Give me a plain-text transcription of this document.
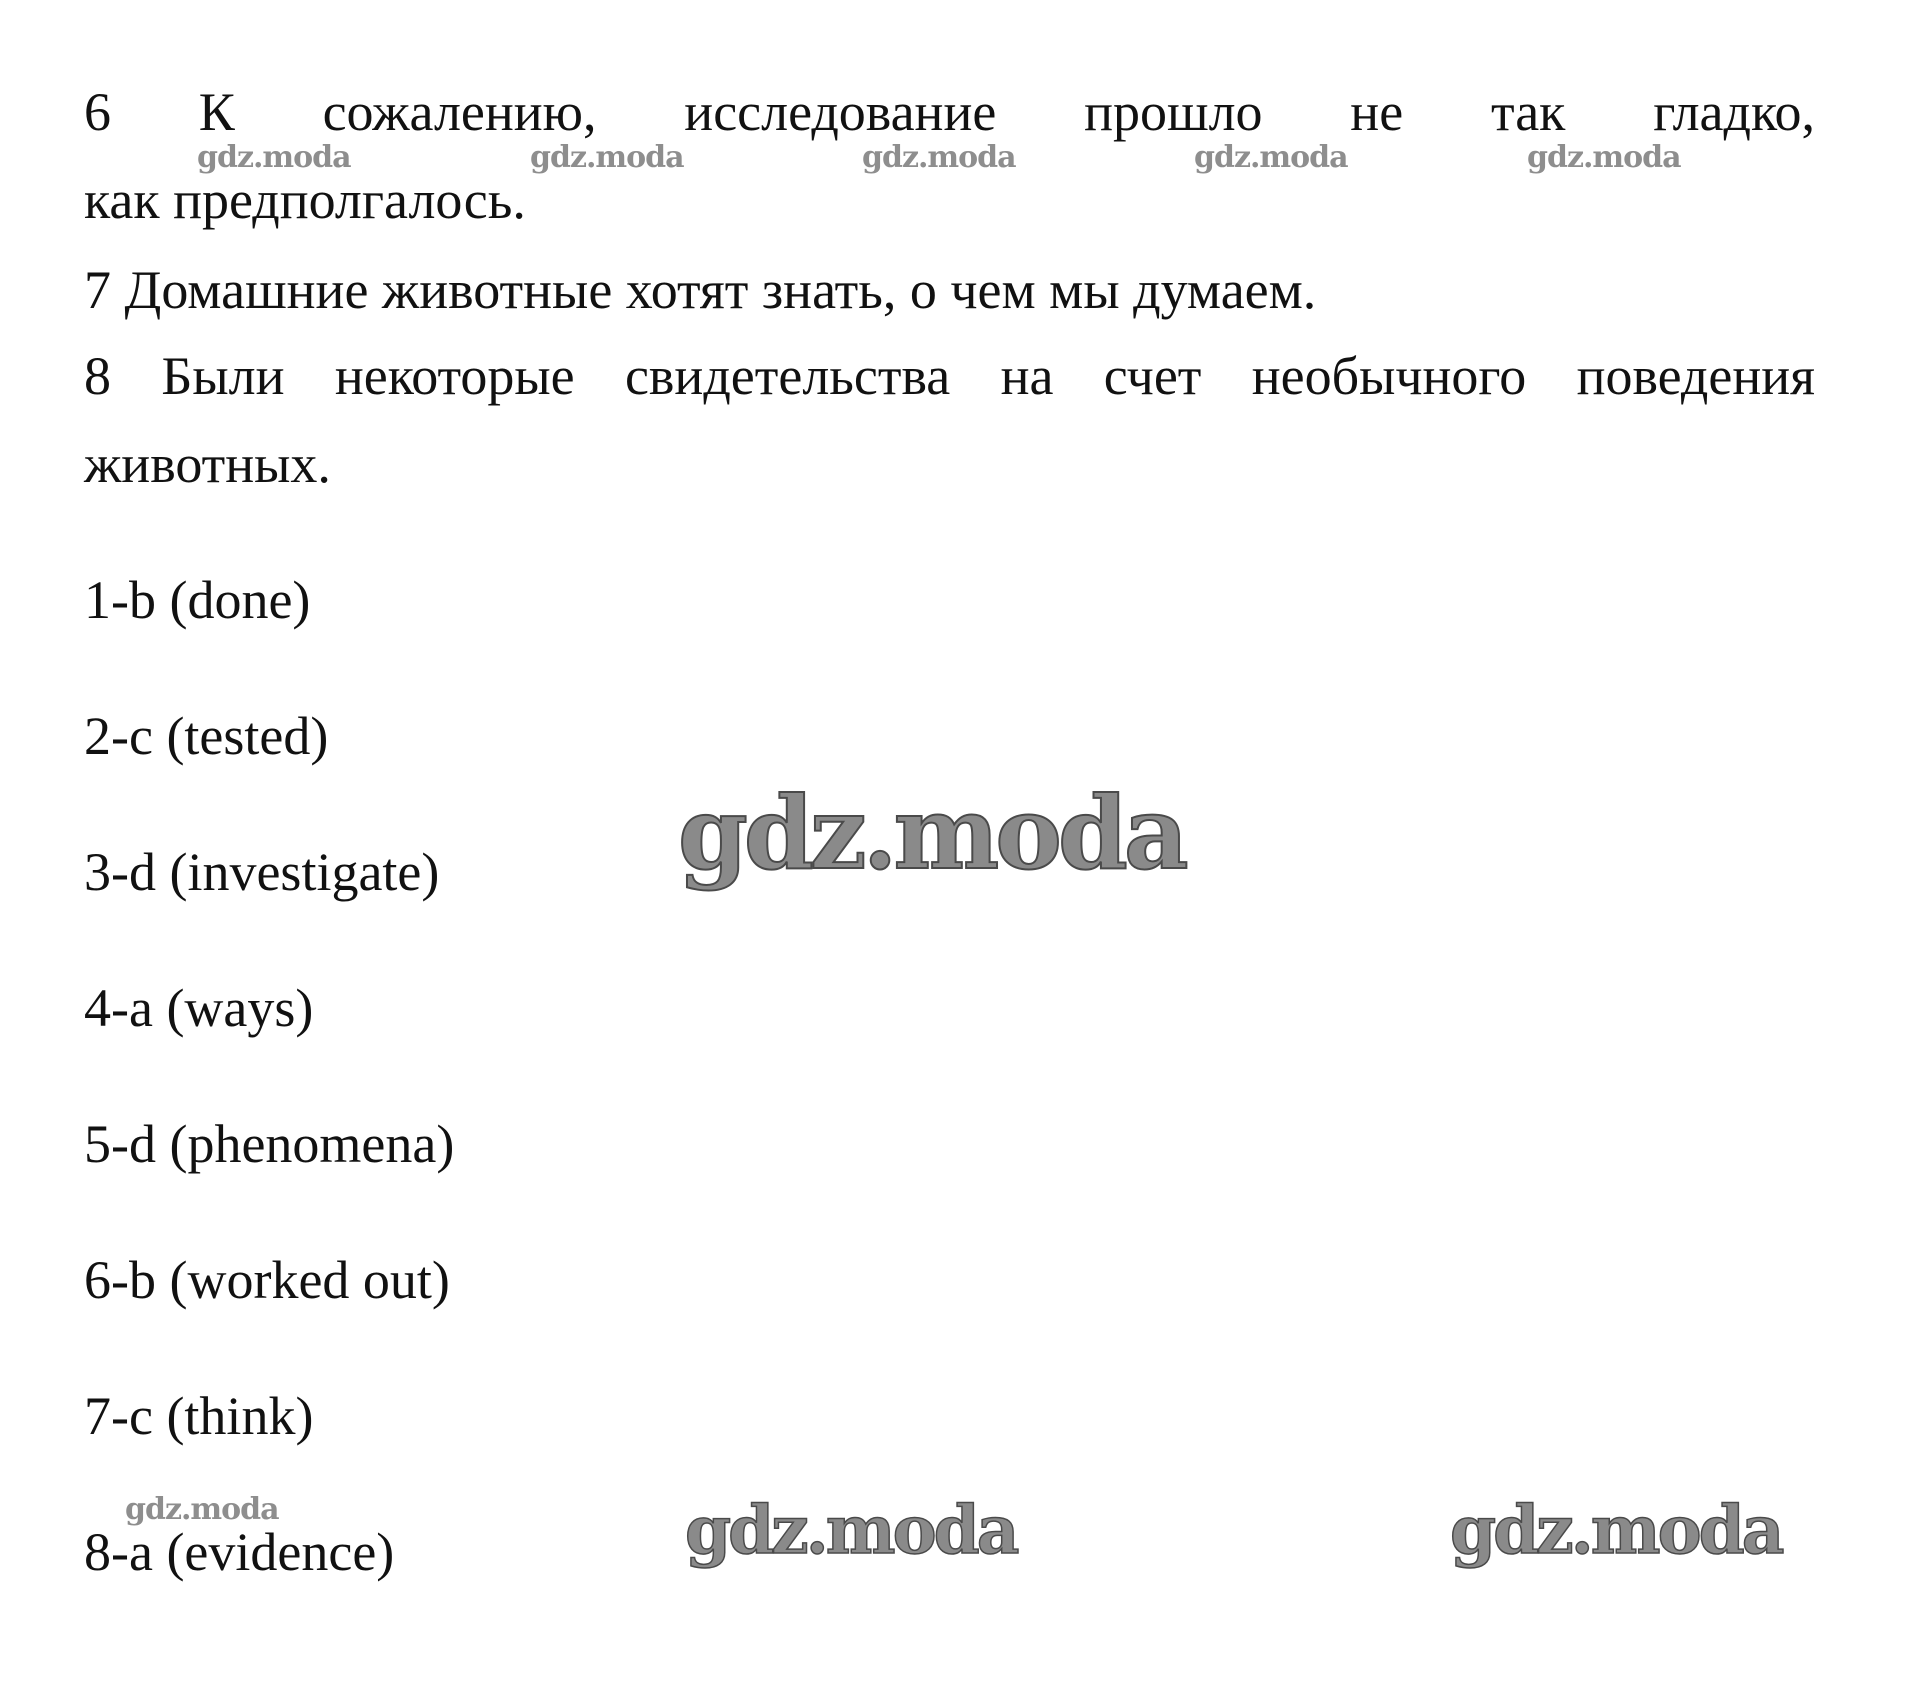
6 К сожалению, исследование прошло не так гладко,
как предполгалось.
7 Домашние животные хотят знать, о чем мы думаем.
8 Были некоторые свидетельства на счет необычного поведения
животных.
1-b (done)
2-c (tested)
3-d (investigate)
4-a (ways)
5-d (phenomena)
6-b (worked out)
7-c (think)
8-a (evidence)
gdz.moda	gdz.moda	gdz.moda	gdz.moda	gdz.moda
gdz.moda
gdz.moda
gdz.moda	gdz.moda
